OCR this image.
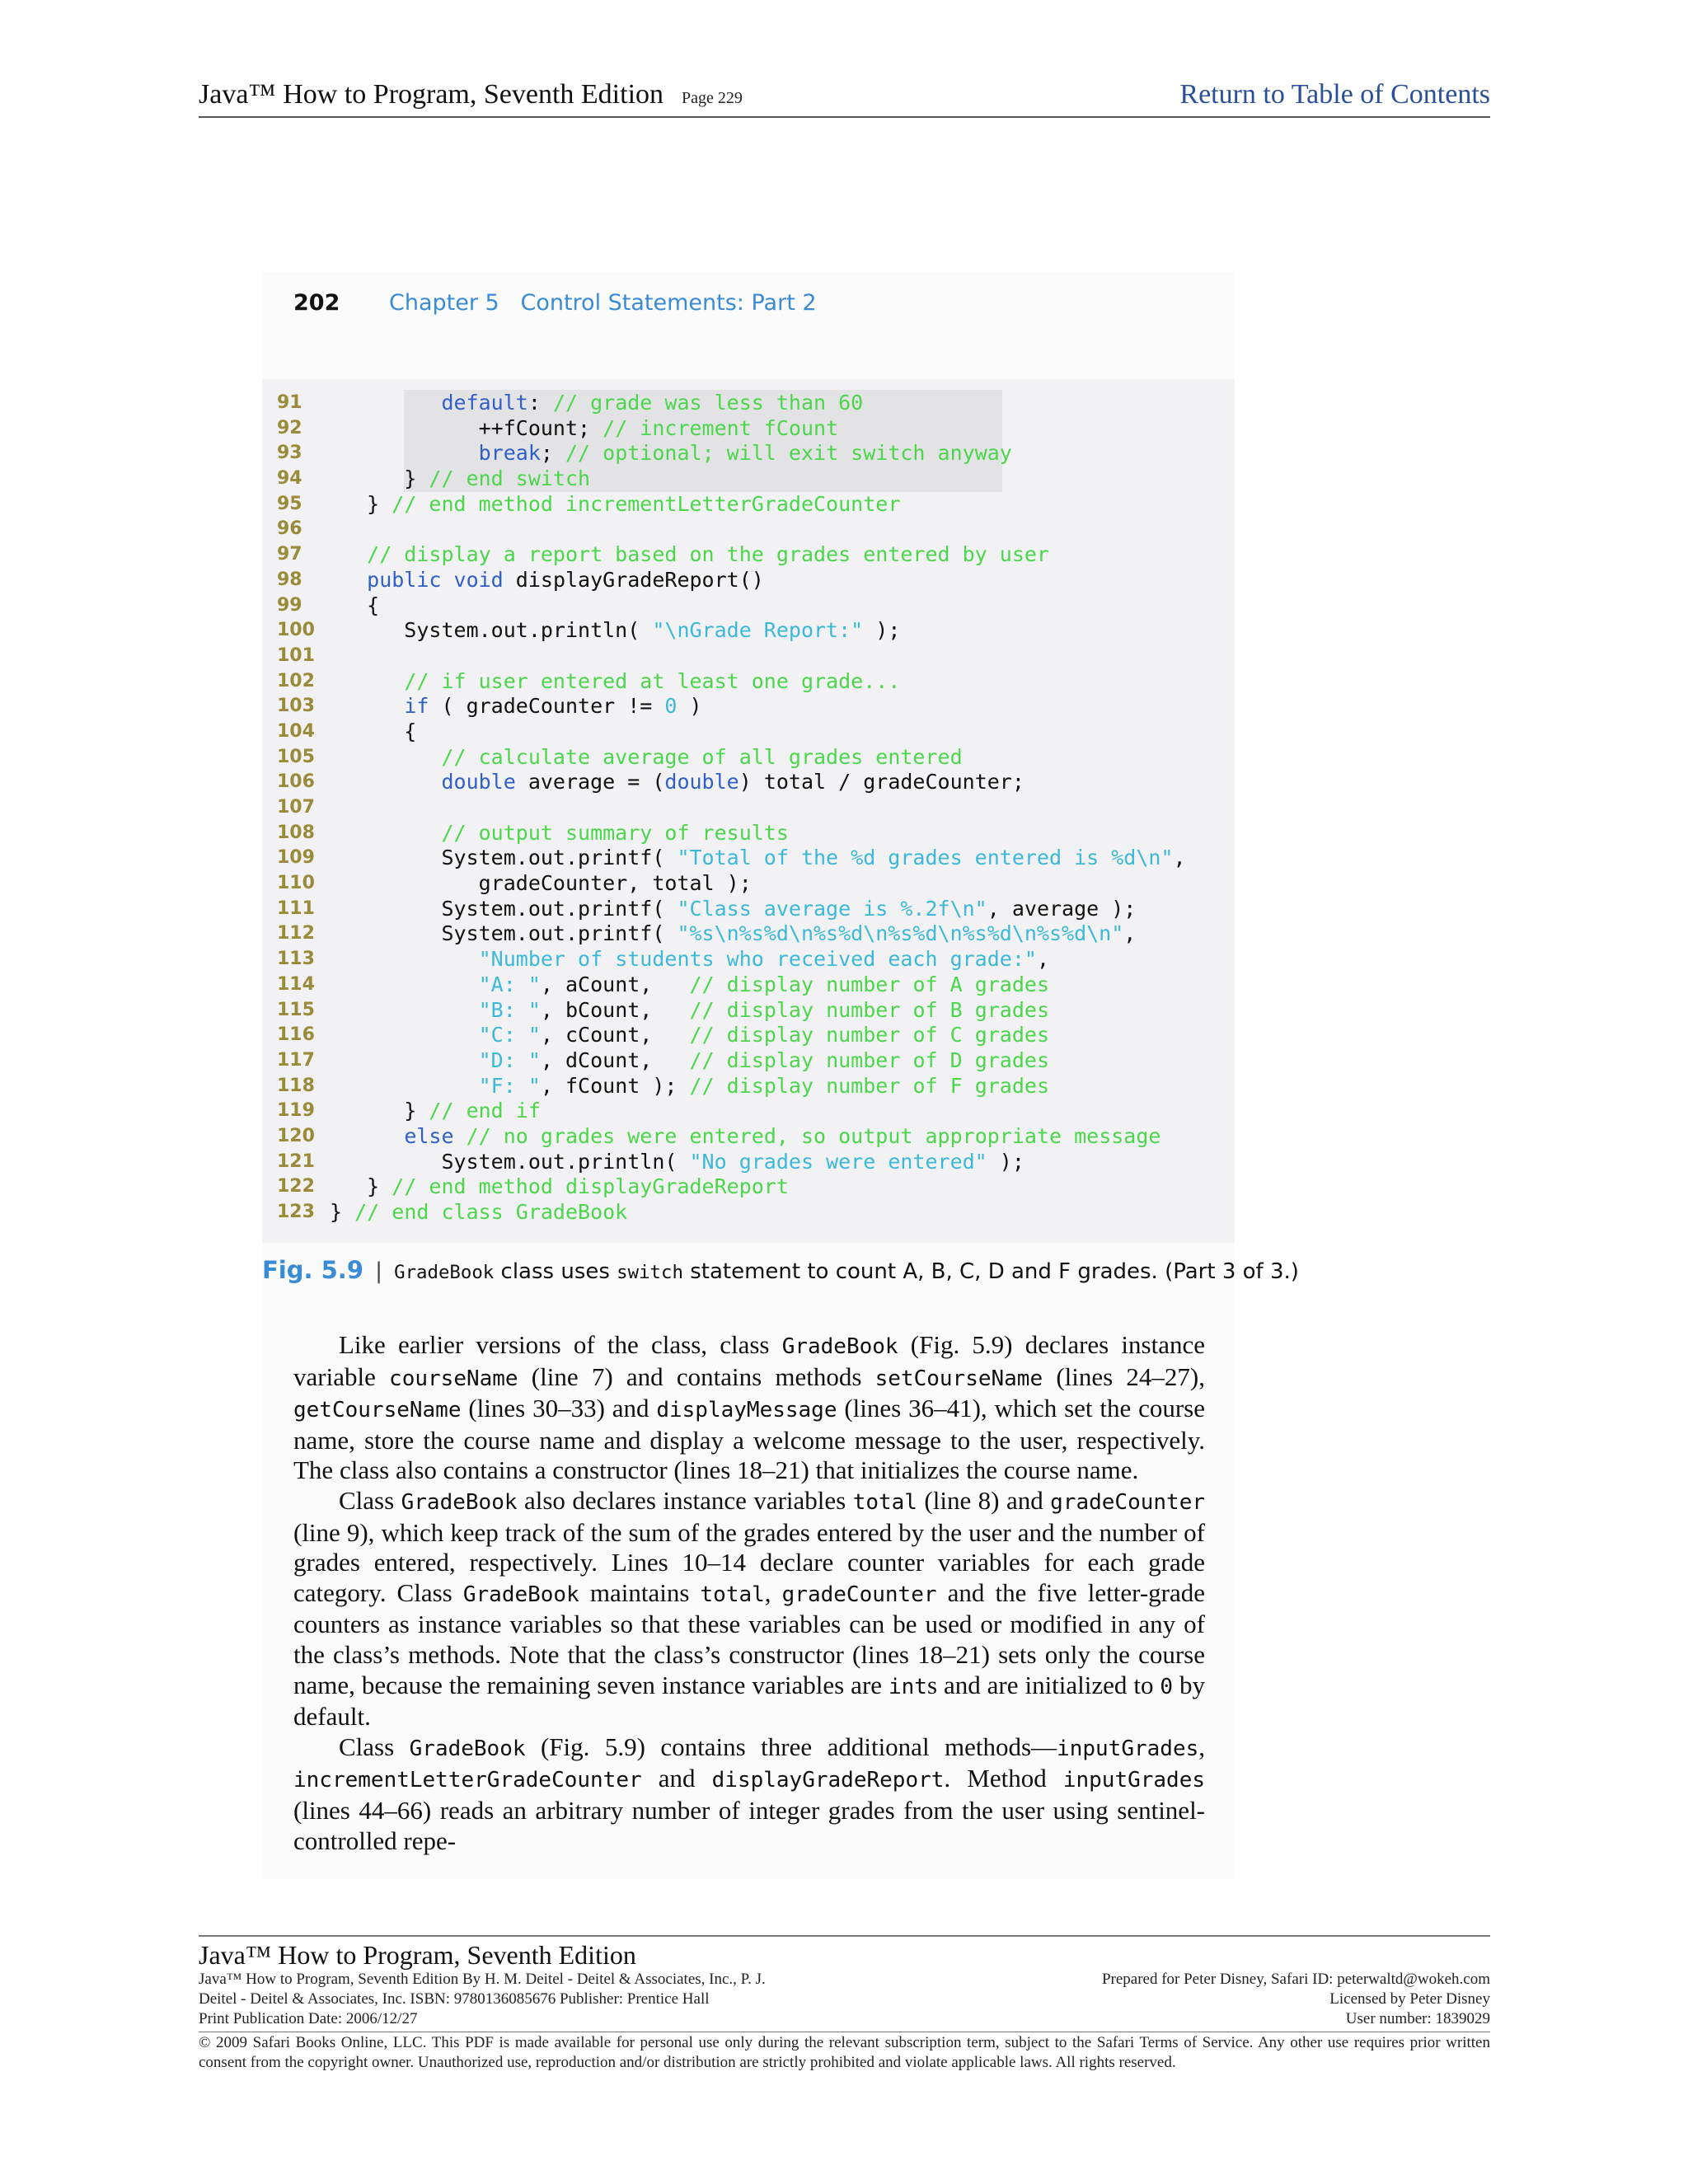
Java™ How to Program, Seventh Edition Page 229	Return to Table of Contents
202 Chapter 5 Control Statements: Part 2
91	default: // grade was less than 60
92	++fCount; // increment fCount
93	break; // optional; will exit switch anyway
94	} // end switch
95	} // end method incrementLetterGradeCounter
96
97	// display a report based on the grades entered by user
98	public void displayGradeReport()
99	{
100 System.out.println( "\nGrade Report:" );
101
102	// if user entered at least one grade...
103	if ( gradeCounter != 0 )
104 {
105	// calculate average of all grades entered
106	double average = (double) total / gradeCounter;
107
108	// output summary of results
109 System.out.printf( "Total of the %d grades entered is %d\n",
110 gradeCounter, total );
111 System.out.printf( "Class average is %.2f\n", average );
112 System.out.printf( "%s\n%s%d\n%s%d\n%s%d\n%s%d\n%s%d\n",
113	"Number of students who received each grade:",
114	"A: ", aCount,   // display number of A grades
115	"B: ", bCount,   // display number of B grades
116	"C: ", cCount,   // display number of C grades
117	"D: ", dCount,   // display number of D grades
118	"F: ", fCount ); // display number of F grades
119 } // end if
120	else // no grades were entered, so output appropriate message
121 System.out.println( "No grades were entered" );
122 } // end method displayGradeReport
123 } // end class GradeBook
Fig. 5.9 | GradeBook class uses switch statement to count A, B, C, D and F grades. (Part 3 of 3.)

Like earlier versions of the class, class GradeBook (Fig. 5.9) declares instance variable courseName (line 7) and contains methods setCourseName (lines 24–27), getCourseName (lines 30–33) and displayMessage (lines 36–41), which set the course name, store the course name and display a welcome message to the user, respectively. The class also contains a constructor (lines 18–21) that initializes the course name.

Class GradeBook also declares instance variables total (line 8) and gradeCounter (line 9), which keep track of the sum of the grades entered by the user and the number of grades entered, respectively. Lines 10–14 declare counter variables for each grade category. Class GradeBook maintains total, gradeCounter and the five letter-grade counters as instance variables so that these variables can be used or modified in any of the class’s methods. Note that the class’s constructor (lines 18–21) sets only the course name, because the remaining seven instance variables are ints and are initialized to 0 by default.

Class GradeBook (Fig. 5.9) contains three additional methods—inputGrades, incrementLetterGradeCounter and displayGradeReport. Method inputGrades (lines 44–66) reads an arbitrary number of integer grades from the user using sentinel-controlled repe-

Java™ How to Program, Seventh Edition
Java™ How to Program, Seventh Edition By H. M. Deitel - Deitel & Associates, Inc., P. J.	Prepared for Peter Disney, Safari ID: peterwaltd@wokeh.com
Deitel - Deitel & Associates, Inc. ISBN: 9780136085676 Publisher: Prentice Hall	Licensed by Peter Disney
Print Publication Date: 2006/12/27	User number: 1839029
© 2009 Safari Books Online, LLC. This PDF is made available for personal use only during the relevant subscription term, subject to the Safari Terms of Service. Any other use requires prior written consent from the copyright owner. Unauthorized use, reproduction and/or distribution are strictly prohibited and violate applicable laws. All rights reserved.
